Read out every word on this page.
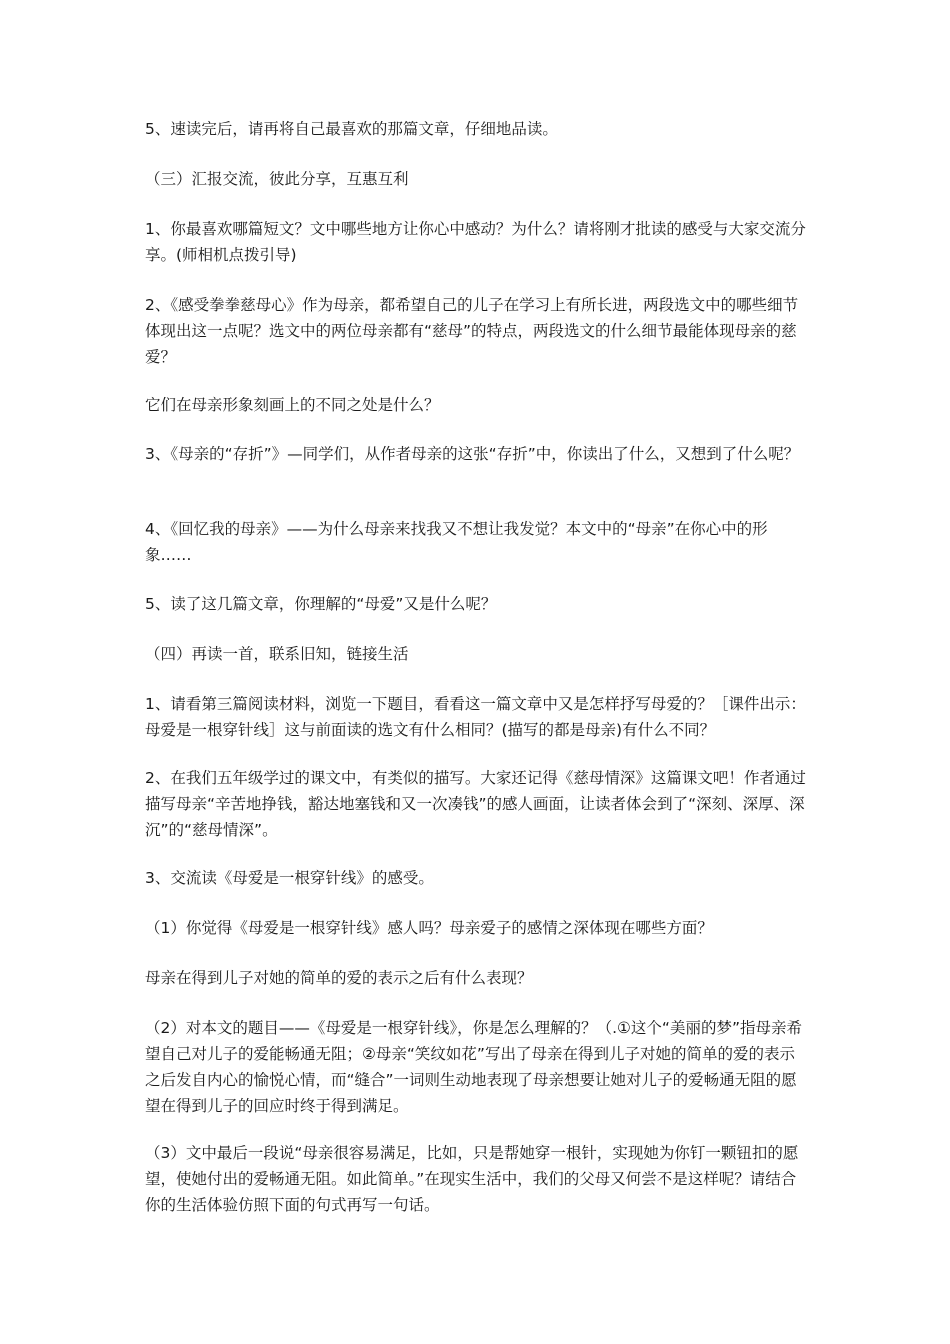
5、速读完后，请再将自己最喜欢的那篇文章，仔细地品读。

（三）汇报交流，彼此分享，互惠互利

1、你最喜欢哪篇短文？文中哪些地方让你心中感动？为什么？请将刚才批读的感受与大家交流分享。(师相机点拨引导)

2、《感受拳拳慈母心》作为母亲，都希望自己的儿子在学习上有所长进，两段选文中的哪些细节体现出这一点呢？选文中的两位母亲都有“慈母”的特点，两段选文的什么细节最能体现母亲的慈爱？

它们在母亲形象刻画上的不同之处是什么？

3、《母亲的“存折”》—同学们，从作者母亲的这张“存折”中，你读出了什么，又想到了什么呢？

4、《回忆我的母亲》——为什么母亲来找我又不想让我发觉？本文中的“母亲”在你心中的形象……

5、读了这几篇文章，你理解的“母爱”又是什么呢？

（四）再读一首，联系旧知，链接生活

1、请看第三篇阅读材料，浏览一下题目，看看这一篇文章中又是怎样抒写母爱的？［课件出示：母爱是一根穿针线］这与前面读的选文有什么相同？(描写的都是母亲)有什么不同？

2、在我们五年级学过的课文中，有类似的描写。大家还记得《慈母情深》这篇课文吧！作者通过描写母亲“辛苦地挣钱，豁达地塞钱和又一次凑钱”的感人画面，让读者体会到了“深刻、深厚、深沉”的“慈母情深”。

3、交流读《母爱是一根穿针线》的感受。

（1）你觉得《母爱是一根穿针线》感人吗？母亲爱子的感情之深体现在哪些方面？

母亲在得到儿子对她的简单的爱的表示之后有什么表现？

（2）对本文的题目——《母爱是一根穿针线》，你是怎么理解的？（.①这个“美丽的梦”指母亲希望自己对儿子的爱能畅通无阻；②母亲“笑纹如花”写出了母亲在得到儿子对她的简单的爱的表示之后发自内心的愉悦心情，而“缝合”一词则生动地表现了母亲想要让她对儿子的爱畅通无阻的愿望在得到儿子的回应时终于得到满足。

（3）文中最后一段说“母亲很容易满足，比如，只是帮她穿一根针，实现她为你钉一颗钮扣的愿望，使她付出的爱畅通无阻。如此简单。”在现实生活中，我们的父母又何尝不是这样呢？请结合你的生活体验仿照下面的句式再写一句话。
